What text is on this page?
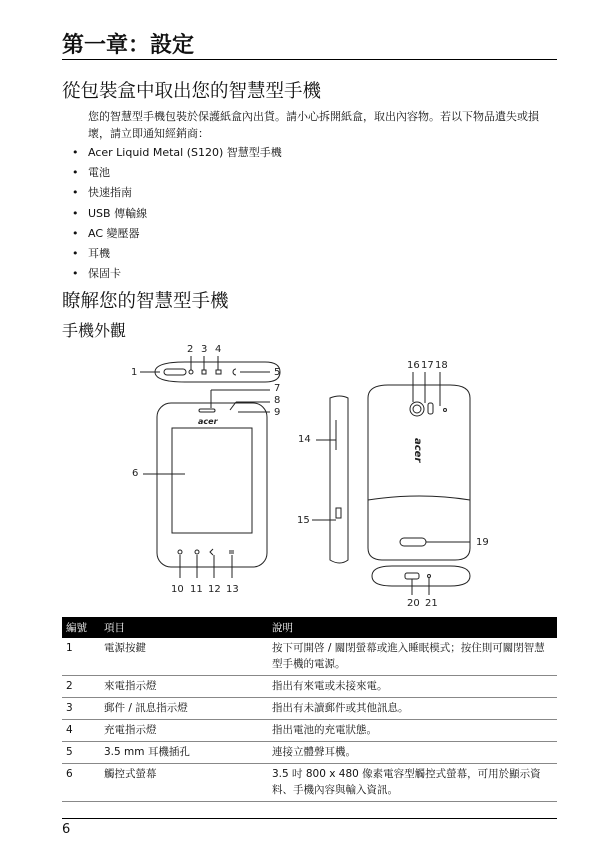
第一章：設定
從包裝盒中取出您的智慧型手機
您的智慧型手機包裝於保護紙盒內出貨。請小心拆開紙盒，取出內容物。若以下物品遺失或損壞，請立即通知經銷商：
• Acer Liquid Metal (S120) 智慧型手機
• 電池
• 快速指南
• USB 傳輸線
• AC 變壓器
• 耳機
• 保固卡
瞭解您的智慧型手機
手機外觀
acer
acer
1
2 3 4
5
7
8
9
6
14
15
10 11 12 13
16 17 18
19
20 21
編號	項目	說明
1	電源按鍵	按下可開啓 / 關閉螢幕或進入睡眠模式；按住則可關閉智慧型手機的電源。
2	來電指示燈	指出有來電或未接來電。
3	郵件 / 訊息指示燈	指出有未讀郵件或其他訊息。
4	充電指示燈	指出電池的充電狀態。
5	3.5 mm 耳機插孔	連接立體聲耳機。
6	觸控式螢幕	3.5 吋 800 x 480 像素電容型觸控式螢幕，可用於顯示資料、手機內容與輸入資訊。
6
